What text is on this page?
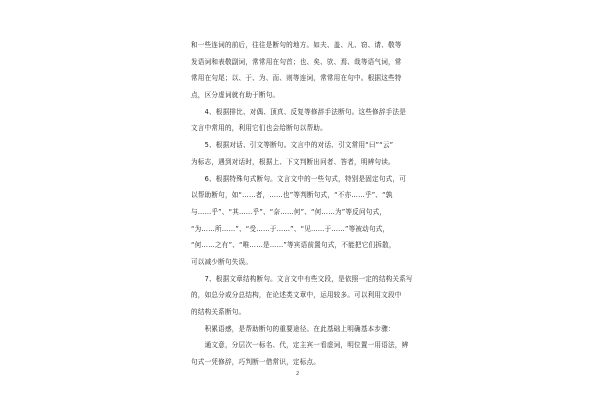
和一些连词的前后，往往是断句的地方。如夫、盖、凡、窃、请、敬等
发语词和表敬副词，常常用在句首；也、矣、欤、焉、哉等语气词，常
常用在句尾；以、于、为、而、则等连词，常常用在句中。根据这些特
点，区分虚词就有助于断句。
　　4、根据排比、对偶、顶真、反复等修辞手法断句。这些修辞手法是
文言中常用的，利用它们也会给断句以帮助。
　　5、根据对话、引文等断句。文言中的对话、引文常用“曰”“云”
为标志，遇到对话时，根据上、下文判断出问者、答者，明辨句读。
　　6、根据特殊句式断句。文言文中的一些句式，特别是固定句式，可
以帮助断句，如“……者，……也”等判断句式，“不亦……乎”、“孰
与……乎”、“其……乎”、“奈……何”、“何……为”等反问句式，
“为……所……”、“受……于……”、“见……于……”等被动句式，
“何……之有”、“唯……是……”等宾语前置句式，不能把它们拆散，
可以减少断句失误。
　　7、根据文章结构断句。文言文中有些文段，是依照一定的结构关系写
的，如总分或分总结构，在论述类文章中，运用较多。可以利用文段中
的结构关系断句。
　　积累语感，是帮助断句的重要途径。在此基础上明确基本步骤：
　　通文意，分层次一标名、代，定主宾一看虚词，明位置一用语法，辨
句式一凭修辞，巧判断一借常识，定标点。
2
